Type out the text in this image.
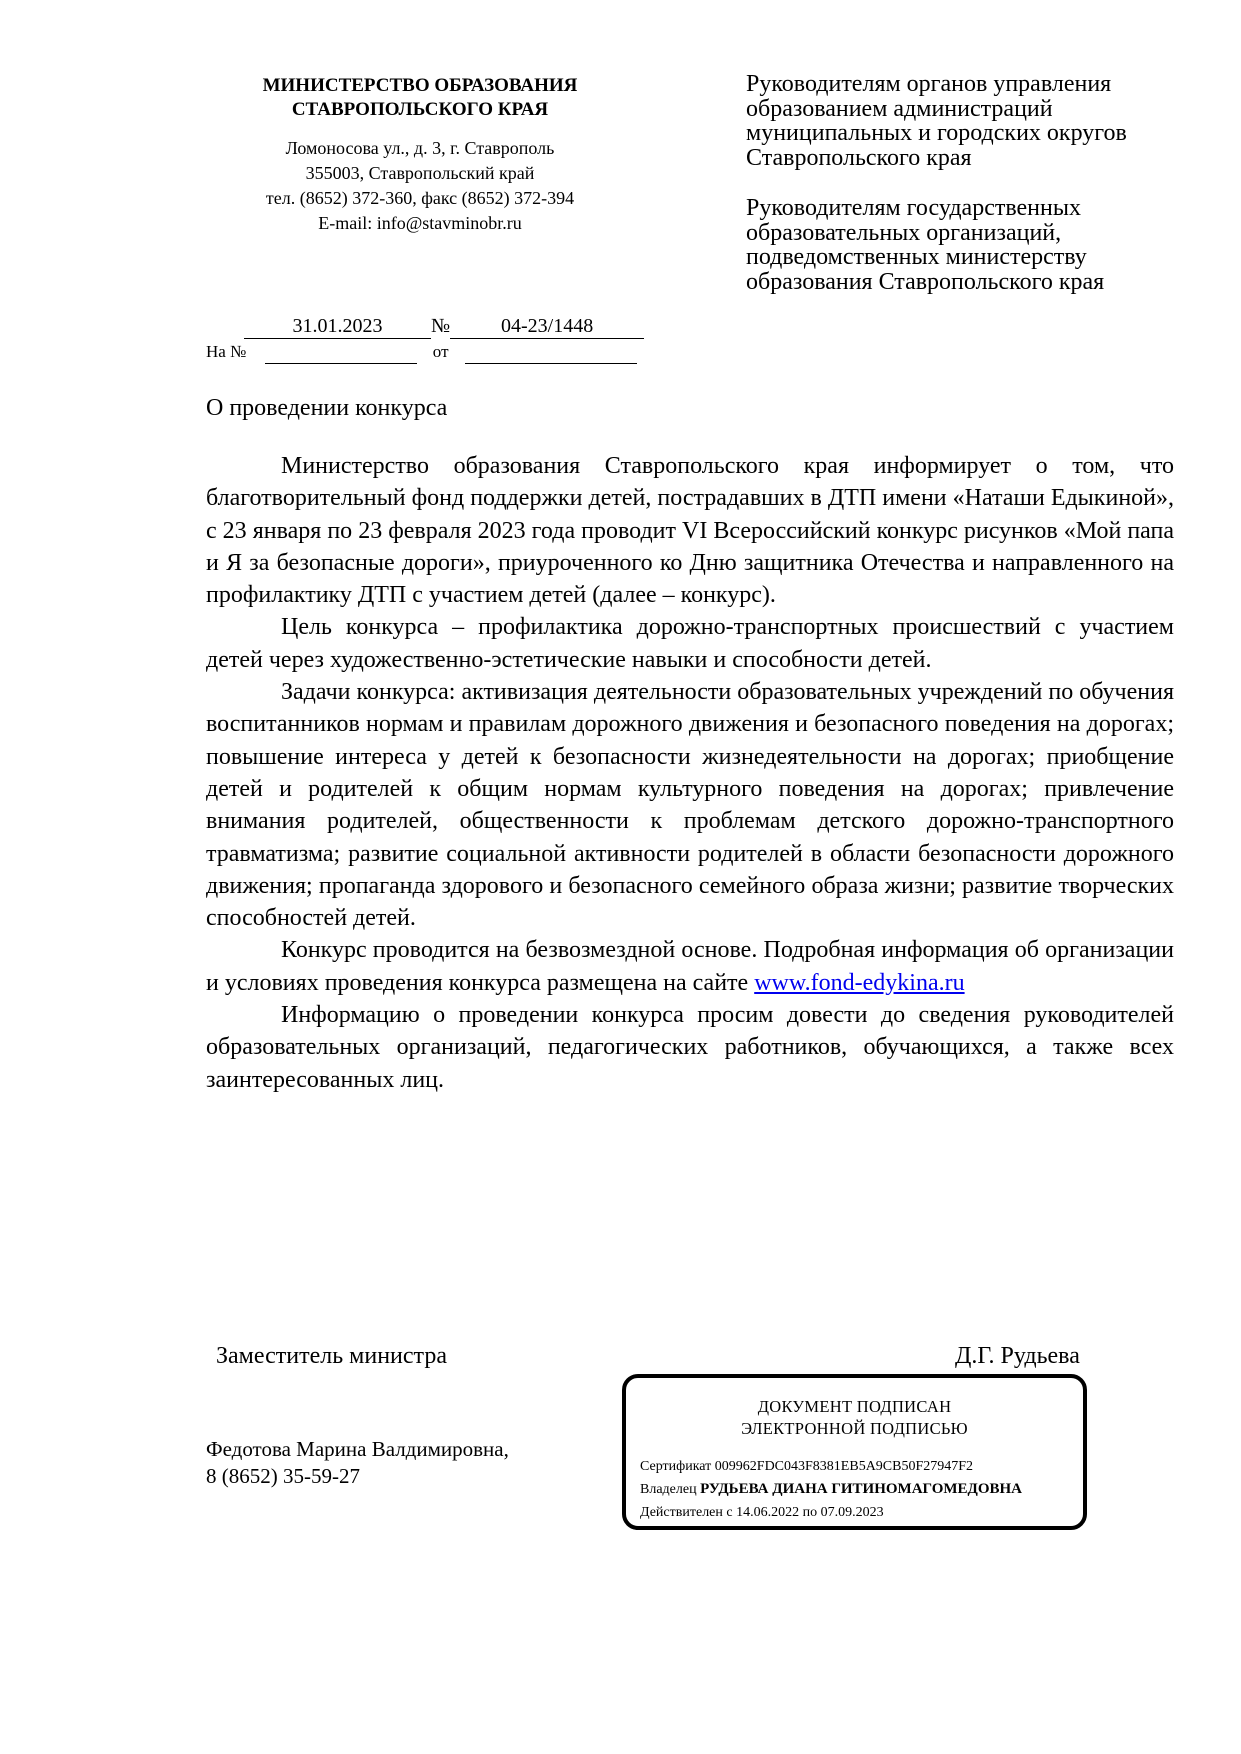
МИНИСТЕРСТВО ОБРАЗОВАНИЯ

СТАВРОПОЛЬСКОГО КРАЯ

Ломоносова ул., д. 3, г. Ставрополь
355003, Ставропольский край
тел. (8652) 372-360, факс (8652) 372-394
E-mail: info@stavminobr.ru

Руководителям органов управления образованием администраций муниципальных и городских округов Ставропольского края

Руководителям государственных образовательных организаций, подведомственных министерству образования Ставропольского края

31.01.2023 №	04-23/1448
На №	от
О проведении конкурса

Министерство образования Ставропольского края информирует о том, что благотворительный фонд поддержки детей, пострадавших в ДТП имени «Наташи Едыкиной», с 23 января по 23 февраля 2023 года проводит VI Всероссийский конкурс рисунков «Мой папа и Я за безопасные дороги», приуроченного ко Дню защитника Отечества и направленного на профилактику ДТП с участием детей (далее – конкурс).

Цель конкурса – профилактика дорожно-транспортных происшествий с участием детей через художественно-эстетические навыки и способности детей.

Задачи конкурса: активизация деятельности образовательных учреждений по обучения воспитанников нормам и правилам дорожного движения и безопасного поведения на дорогах; повышение интереса у детей к безопасности жизнедеятельности на дорогах; приобщение детей и родителей к общим нормам культурного поведения на дорогах; привлечение внимания родителей, общественности к проблемам детского дорожно-транспортного травматизма; развитие социальной активности родителей в области безопасности дорожного движения; пропаганда здорового и безопасного семейного образа жизни; развитие творческих способностей детей.

Конкурс проводится на безвозмездной основе. Подробная информация об организации и условиях проведения конкурса размещена на сайте www.fond-edykina.ru

Информацию о проведении конкурса просим довести до сведения руководителей образовательных организаций, педагогических работников, обучающихся, а также всех заинтересованных лиц.

Заместитель министра	Д.Г. Рудьева
ДОКУМЕНТ ПОДПИСАН
ЭЛЕКТРОННОЙ ПОДПИСЬЮ
Сертификат 009962FDC043F8381EB5A9CB50F27947F2
Владелец РУДЬЕВА ДИАНА ГИТИНОМАГОМЕДОВНА
Действителен с 14.06.2022 по 07.09.2023
Федотова Марина Валдимировна,
8 (8652) 35-59-27
